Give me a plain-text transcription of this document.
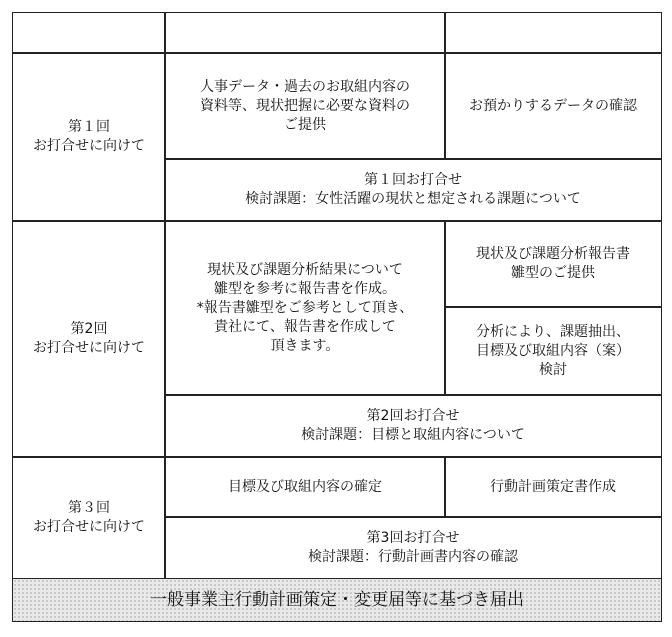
第１回
お打合せに向けて
人事データ・過去のお取組内容の
資料等、現状把握に必要な資料の
ご提供
お預かりするデータの確認
第１回お打合せ
検討課題：女性活躍の現状と想定される課題について
第2回
お打合せに向けて
現状及び課題分析結果について
雛型を参考に報告書を作成。
*報告書雛型をご参考として頂き、
貴社にて、報告書を作成して
頂きます。
現状及び課題分析報告書
雛型のご提供
分析により、課題抽出、
目標及び取組内容（案）
検討
第2回お打合せ
検討課題：目標と取組内容について
第３回
お打合せに向けて
目標及び取組内容の確定	行動計画策定書作成
第3回お打合せ
検討課題：行動計画書内容の確認
一般事業主行動計画策定・変更届等に基づき届出
